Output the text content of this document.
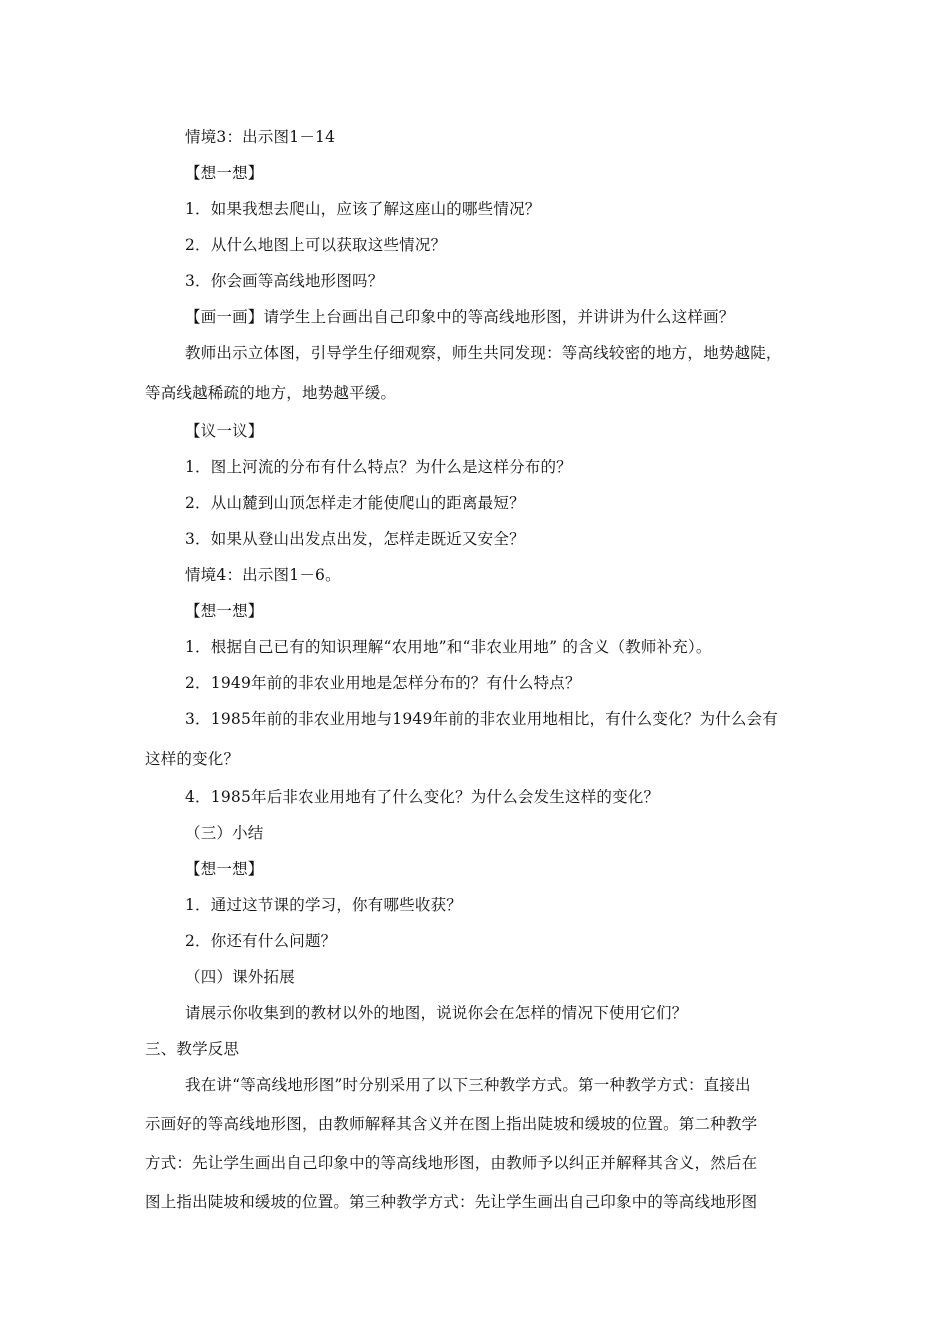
情境3：出示图1－14
【想一想】
1．如果我想去爬山，应该了解这座山的哪些情况？
2．从什么地图上可以获取这些情况？
3．你会画等高线地形图吗？
【画一画】请学生上台画出自己印象中的等高线地形图，并讲讲为什么这样画？
教师出示立体图，引导学生仔细观察，师生共同发现：等高线较密的地方，地势越陡，
等高线越稀疏的地方，地势越平缓。
【议一议】
1．图上河流的分布有什么特点？为什么是这样分布的？
2．从山麓到山顶怎样走才能使爬山的距离最短？
3．如果从登山出发点出发，怎样走既近又安全？
情境4：出示图1－6。
【想一想】
1．根据自己已有的知识理解“农用地”和“非农业用地” 的含义（教师补充）。
2．1949年前的非农业用地是怎样分布的？有什么特点？
3．1985年前的非农业用地与1949年前的非农业用地相比，有什么变化？为什么会有
这样的变化？
4．1985年后非农业用地有了什么变化？为什么会发生这样的变化？
（三）小结
【想一想】
1．通过这节课的学习，你有哪些收获？
2．你还有什么问题？
（四）课外拓展
请展示你收集到的教材以外的地图，说说你会在怎样的情况下使用它们？
三、教学反思
我在讲“等高线地形图”时分别采用了以下三种教学方式。第一种教学方式：直接出
示画好的等高线地形图，由教师解释其含义并在图上指出陡坡和缓坡的位置。第二种教学
方式：先让学生画出自己印象中的等高线地形图，由教师予以纠正并解释其含义，然后在
图上指出陡坡和缓坡的位置。第三种教学方式：先让学生画出自己印象中的等高线地形图
